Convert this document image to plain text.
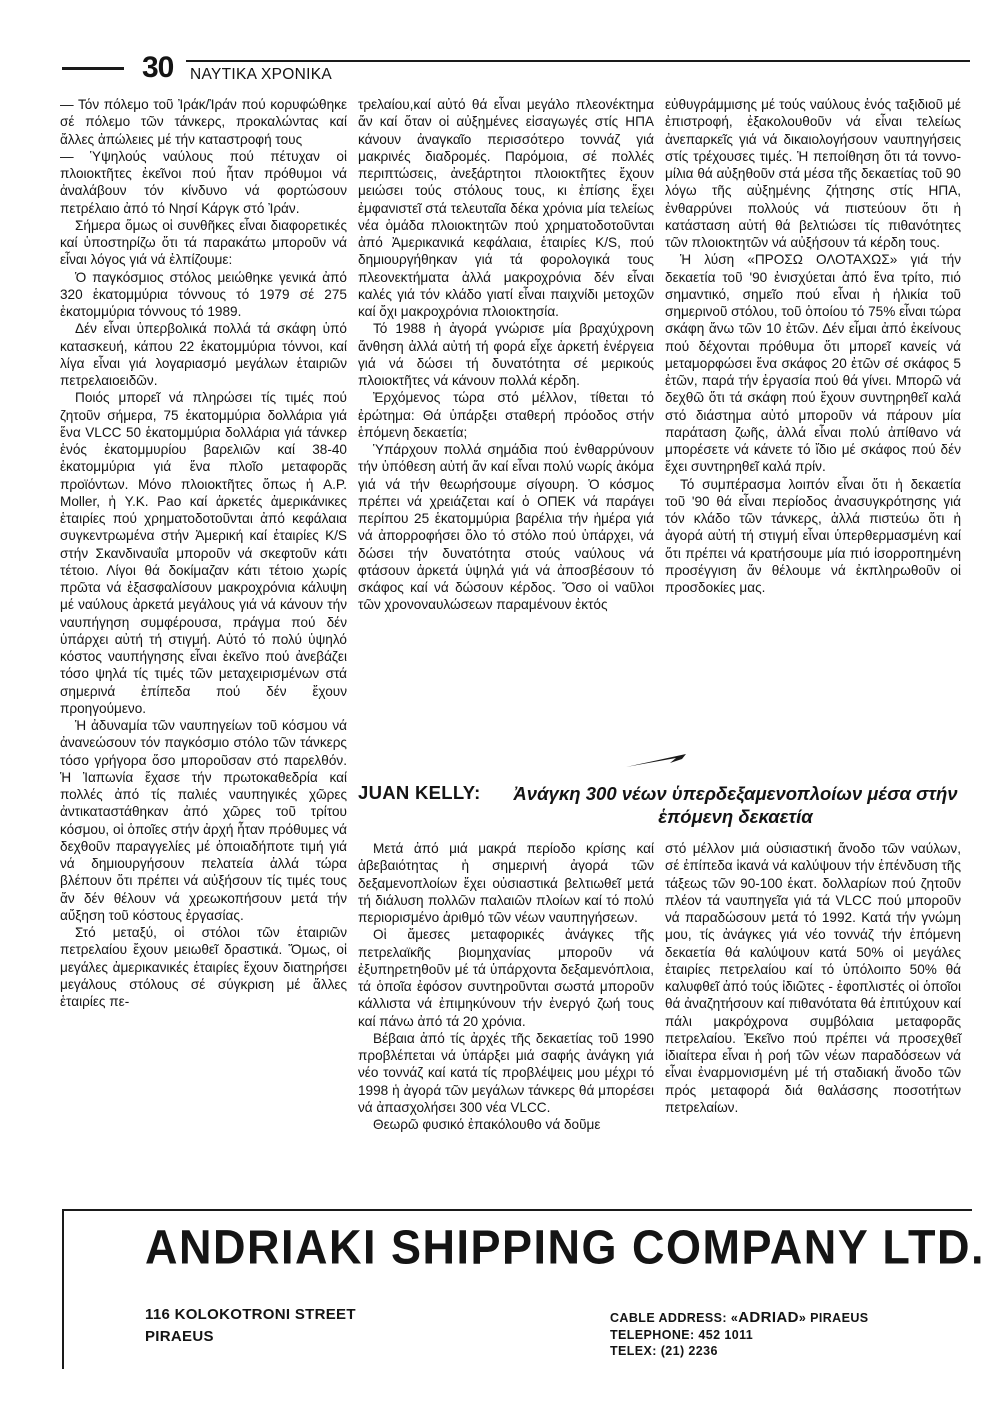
30 ΝΑΥΤΙΚΑ ΧΡΟΝΙΚΑ

— Τόν πόλεμο τοῦ Ἰράκ/Ἰράν πού κορυφώθηκε σέ πόλεμο τῶν τάνκερς, προκαλώντας καί ἄλλες ἀπώλειες μέ τήν καταστροφή τους

— Ὑψηλούς ναύλους πού πέτυχαν οἱ πλοιοκτῆτες ἐκεῖνοι πού ἦταν πρόθυμοι νά ἀναλάβουν τόν κίνδυνο νά φορτώσουν πετρέλαιο ἀπό τό Νησί Κάργκ στό Ἰράν.

Σήμερα ὅμως οἱ συνθῆκες εἶναι διαφορετικές καί ὑποστηρίζω ὅτι τά παρακάτω μποροῦν νά εἶναι λόγος γιά νά ἐλπίζουμε:

Ὁ παγκόσμιος στόλος μειώθηκε γενικά ἀπό 320 ἑκατομμύρια τόννους τό 1979 σέ 275 ἑκατομμύρια τόννους τό 1989.

Δέν εἶναι ὑπερβολικά πολλά τά σκάφη ὑπό κατασκευή, κάπου 22 ἑκατομμύρια τόννοι, καί λίγα εἶναι γιά λογαριασμό μεγάλων ἑταιριῶν πετρελαιοειδῶν.

Ποιός μπορεῖ νά πληρώσει τίς τιμές πού ζητοῦν σήμερα, 75 ἑκατομμύρια δολλάρια γιά ἕνα VLCC 50 ἑκατομμύρια δολλάρια γιά τάνκερ ἑνός ἑκατομμυρίου βαρελιῶν καί 38-40 ἑκατομμύρια γιά ἕνα πλοῖο μεταφορᾶς προϊόντων. Μόνο πλοιοκτῆτες ὅπως ἡ A.P. Moller, ἡ Y.K. Pao καί ἀρκετές ἀμερικάνικες ἑταιρίες πού χρηματοδοτοῦνται ἀπό κεφάλαια συγκεντρωμένα στήν Ἀμερική καί ἑταιρίες K/S στήν Σκανδιναυΐα μποροῦν νά σκεφτοῦν κάτι τέτοιο. Λίγοι θά δοκίμαζαν κάτι τέτοιο χωρίς πρῶτα νά ἐξασφαλίσουν μακροχρόνια κάλυψη μέ ναύλους ἀρκετά μεγάλους γιά νά κάνουν τήν ναυπήγηση συμφέρουσα, πράγμα πού δέν ὑπάρχει αὐτή τή στιγμή. Αὐτό τό πολύ ὑψηλό κόστος ναυπήγησης εἶναι ἐκεῖνο πού ἀνεβάζει τόσο ψηλά τίς τιμές τῶν μεταχειρισμένων στά σημερινά ἐπίπεδα πού δέν ἔχουν προηγούμενο.

Ἡ ἀδυναμία τῶν ναυπηγείων τοῦ κόσμου νά ἀνανεώσουν τόν παγκόσμιο στόλο τῶν τάνκερς τόσο γρήγορα ὅσο μποροῦσαν στό παρελθόν. Ἡ Ἰαπωνία ἔχασε τήν πρωτοκαθεδρία καί πολλές ἀπό τίς παλιές ναυπηγικές χῶρες ἀντικαταστάθηκαν ἀπό χῶρες τοῦ τρίτου κόσμου, οἱ ὁποῖες στήν ἀρχή ἦταν πρόθυμες νά δεχθοῦν παραγγελίες μέ ὁποιαδήποτε τιμή γιά νά δημιουργήσουν πελατεία ἀλλά τώρα βλέπουν ὅτι πρέπει νά αὐξήσουν τίς τιμές τους ἄν δέν θέλουν νά χρεωκοπήσουν μετά τήν αὔξηση τοῦ κόστους ἐργασίας.

Στό μεταξύ, οἱ στόλοι τῶν ἑταιριῶν πετρελαίου ἔχουν μειωθεῖ δραστικά. Ὅμως, οἱ μεγάλες ἀμερικανικές ἑταιρίες ἔχουν διατηρήσει μεγάλους στόλους σέ σύγκριση μέ ἄλλες ἑταιρίες πε-

τρελαίου,καί αὐτό θά εἶναι μεγάλο πλεονέκτημα ἄν καί ὅταν οἱ αὐξημένες εἰσαγωγές στίς ΗΠΑ κάνουν ἀναγκαῖο περισσότερο τοννάζ γιά μακρινές διαδρομές. Παρόμοια, σέ πολλές περιπτώσεις, ἀνεξάρτητοι πλοιοκτῆτες ἔχουν μειώσει τούς στόλους τους, κι ἐπίσης ἔχει ἐμφανιστεῖ στά τελευταῖα δέκα χρόνια μία τελείως νέα ὁμάδα πλοιοκτητῶν πού χρηματοδοτοῦνται ἀπό Ἀμερικανικά κεφάλαια, ἑταιρίες K/S, πού δημιουργήθηκαν γιά τά φορολογικά τους πλεονεκτήματα ἀλλά μακροχρόνια δέν εἶναι καλές γιά τόν κλάδο γιατί εἶναι παιχνίδι μετοχῶν καί ὄχι μακροχρόνια πλοιοκτησία.

Τό 1988 ἡ ἀγορά γνώρισε μία βραχύχρονη ἄνθηση ἀλλά αὐτή τή φορά εἶχε ἀρκετή ἐνέργεια γιά νά δώσει τή δυνατότητα σέ μερικούς πλοιοκτῆτες νά κάνουν πολλά κέρδη.

Ἐρχόμενος τώρα στό μέλλον, τίθεται τό ἐρώτημα: Θά ὑπάρξει σταθερή πρόοδος στήν ἑπόμενη δεκαετία;

Ὑπάρχουν πολλά σημάδια πού ἐνθαρρύνουν τήν ὑπόθεση αὐτή ἄν καί εἶναι πολύ νωρίς ἀκόμα γιά νά τήν θεωρήσουμε σίγουρη. Ὁ κόσμος πρέπει νά χρειάζεται καί ὁ ΟΠΕΚ νά παράγει περίπου 25 ἑκατομμύρια βαρέλια τήν ἡμέρα γιά νά ἀπορροφήσει ὅλο τό στόλο πού ὑπάρχει, νά δώσει τήν δυνατότητα στούς ναύλους νά φτάσουν ἀρκετά ὑψηλά γιά νά ἀποσβέσουν τό σκάφος καί νά δώσουν κέρδος. Ὅσο οἱ ναῦλοι τῶν χρονοναυλώσεων παραμένουν ἐκτός

εὐθυγράμμισης μέ τούς ναύλους ἑνός ταξιδιοῦ μέ ἐπιστροφή, ἐξακολουθοῦν νά εἶναι τελείως ἀνεπαρκεῖς γιά νά δικαιολογήσουν ναυπηγήσεις στίς τρέχουσες τιμές. Ἡ πεποίθηση ὅτι τά τοννο-μίλια θά αὐξηθοῦν στά μέσα τῆς δεκαετίας τοῦ 90 λόγω τῆς αὐξημένης ζήτησης στίς ΗΠΑ, ἐνθαρρύνει πολλούς νά πιστεύουν ὅτι ἡ κατάσταση αὐτή θά βελτιώσει τίς πιθανότητες τῶν πλοιοκτητῶν νά αὐξήσουν τά κέρδη τους.

Ἡ λύση «ΠΡΟΣΩ ΟΛΟΤΑΧΩΣ» γιά τήν δεκαετία τοῦ '90 ἐνισχύεται ἀπό ἕνα τρίτο, πιό σημαντικό, σημεῖο πού εἶναι ἡ ἡλικία τοῦ σημερινοῦ στόλου, τοῦ ὁποίου τό 75% εἶναι τώρα σκάφη ἄνω τῶν 10 ἐτῶν. Δέν εἶμαι ἀπό ἐκείνους πού δέχονται πρόθυμα ὅτι μπορεῖ κανείς νά μεταμορφώσει ἕνα σκάφος 20 ἐτῶν σέ σκάφος 5 ἐτῶν, παρά τήν ἐργασία πού θά γίνει. Μπορῶ νά δεχθῶ ὅτι τά σκάφη πού ἔχουν συντηρηθεῖ καλά στό διάστημα αὐτό μποροῦν νά πάρουν μία παράταση ζωῆς, ἀλλά εἶναι πολύ ἀπίθανο νά μπορέσετε νά κάνετε τό ἴδιο μέ σκάφος πού δέν ἔχει συντηρηθεῖ καλά πρίν.

Τό συμπέρασμα λοιπόν εἶναι ὅτι ἡ δεκαετία τοῦ '90 θά εἶναι περίοδος ἀνασυγκρότησης γιά τόν κλάδο τῶν τάνκερς, ἀλλά πιστεύω ὅτι ἡ ἀγορά αὐτή τή στιγμή εἶναι ὑπερθερμασμένη καί ὅτι πρέπει νά κρατήσουμε μία πιό ἰσορροπημένη προσέγγιση ἄν θέλουμε νά ἐκπληρωθοῦν οἱ προσδοκίες μας.

JUAN KELLY: Ἀνάγκη 300 νέων ὑπερδεξαμενοπλοίων μέσα στήν ἑπόμενη δεκαετία

Μετά ἀπό μιά μακρά περίοδο κρίσης καί ἀβεβαιότητας ἡ σημερινή ἀγορά τῶν δεξαμενοπλοίων ἔχει οὐσιαστικά βελτιωθεῖ μετά τή διάλυση πολλῶν παλαιῶν πλοίων καί τό πολύ περιορισμένο ἀριθμό τῶν νέων ναυπηγήσεων.

Οἱ ἄμεσες μεταφορικές ἀνάγκες τῆς πετρελαϊκῆς βιομηχανίας μποροῦν νά ἐξυπηρετηθοῦν μέ τά ὑπάρχοντα δεξαμενόπλοια, τά ὁποῖα ἐφόσον συντηροῦνται σωστά μποροῦν κάλλιστα νά ἐπιμηκύνουν τήν ἐνεργό ζωή τους καί πάνω ἀπό τά 20 χρόνια.

Βέβαια ἀπό τίς ἀρχές τῆς δεκαετίας τοῦ 1990 προβλέπεται νά ὑπάρξει μιά σαφής ἀνάγκη γιά νέο τοννάζ καί κατά τίς προβλέψεις μου μέχρι τό 1998 ἡ ἀγορά τῶν μεγάλων τάνκερς θά μπορέσει νά ἀπασχολήσει 300 νέα VLCC.

Θεωρῶ φυσικό ἐπακόλουθο νά δοῦμε

στό μέλλον μιά οὐσιαστική ἄνοδο τῶν ναύλων, σέ ἐπίπεδα ἱκανά νά καλύψουν τήν ἐπένδυση τῆς τάξεως τῶν 90-100 ἑκατ. δολλαρίων πού ζητοῦν πλέον τά ναυπηγεῖα γιά τά VLCC πού μποροῦν νά παραδώσουν μετά τό 1992. Κατά τήν γνώμη μου, τίς ἀνάγκες γιά νέο τοννάζ τήν ἑπόμενη δεκαετία θά καλύψουν κατά 50% οἱ μεγάλες ἑταιρίες πετρελαίου καί τό ὑπόλοιπο 50% θά καλυφθεῖ ἀπό τούς ἰδιῶτες - ἐφοπλιστές οἱ ὁποῖοι θά ἀναζητήσουν καί πιθανότατα θά ἐπιτύχουν καί πάλι μακρόχρονα συμβόλαια μεταφορᾶς πετρελαίου. Ἐκεῖνο πού πρέπει νά προσεχθεῖ ἰδιαίτερα εἶναι ἡ ροή τῶν νέων παραδόσεων νά εἶναι ἐναρμονισμένη μέ τή σταδιακή ἄνοδο τῶν πρός μεταφορά διά θαλάσσης ποσοτήτων πετρελαίων.

ANDRIAKI SHIPPING COMPANY LTD.
116 KOLOKOTRONI STREET
PIRAEUS
CABLE ADDRESS: «ADRIAD» PIRAEUS
TELEPHONE: 452 1011
TELEX: (21) 2236
